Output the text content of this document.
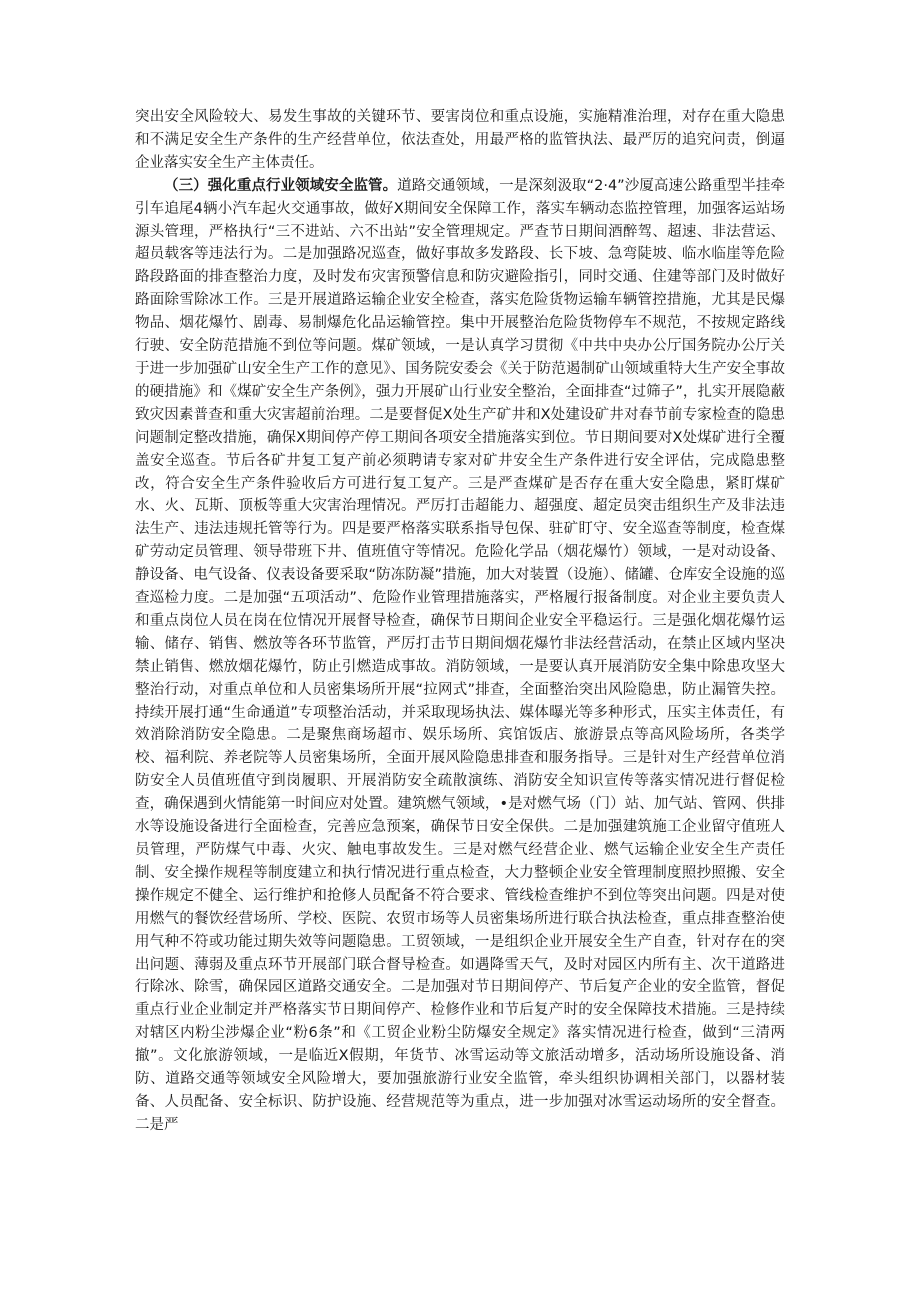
突出安全风险较大、易发生事故的关键环节、要害岗位和重点设施，实施精准治理，对存在重大隐患和不满足安全生产条件的生产经营单位，依法查处，用最严格的监管执法、最严厉的追究问责，倒逼企业落实安全生产主体责任。

（三）强化重点行业领域安全监管。道路交通领域，一是深刻汲取“2·4”沙厦高速公路重型半挂牵引车追尾4辆小汽车起火交通事故，做好X期间安全保障工作，落实车辆动态监控管理，加强客运站场源头管理，严格执行“三不进站、六不出站”安全管理规定。严查节日期间酒醉驾、超速、非法营运、超员载客等违法行为。二是加强路况巡查，做好事故多发路段、长下坡、急弯陡坡、临水临崖等危险路段路面的排查整治力度，及时发布灾害预警信息和防灾避险指引，同时交通、住建等部门及时做好路面除雪除冰工作。三是开展道路运输企业安全检查，落实危险货物运输车辆管控措施，尤其是民爆物品、烟花爆竹、剧毒、易制爆危化品运输管控。集中开展整治危险货物停车不规范，不按规定路线行驶、安全防范措施不到位等问题。煤矿领域，一是认真学习贯彻《中共中央办公厅国务院办公厅关于进一步加强矿山安全生产工作的意见》、国务院安委会《关于防范遏制矿山领域重特大生产安全事故的硬措施》和《煤矿安全生产条例》，强力开展矿山行业安全整治，全面排查“过筛子”，扎实开展隐蔽致灾因素普查和重大灾害超前治理。二是要督促X处生产矿井和X处建设矿井对春节前专家检查的隐患问题制定整改措施，确保X期间停产停工期间各项安全措施落实到位。节日期间要对X处煤矿进行全覆盖安全巡查。节后各矿井复工复产前必须聘请专家对矿井安全生产条件进行安全评估，完成隐患整改，符合安全生产条件验收后方可进行复工复产。三是严查煤矿是否存在重大安全隐患，紧盯煤矿水、火、瓦斯、顶板等重大灾害治理情况。严厉打击超能力、超强度、超定员突击组织生产及非法违法生产、违法违规托管等行为。四是要严格落实联系指导包保、驻矿盯守、安全巡查等制度，检查煤矿劳动定员管理、领导带班下井、值班值守等情况。危险化学品（烟花爆竹）领域，一是对动设备、静设备、电气设备、仪表设备要采取“防冻防凝”措施，加大对装置（设施）、储罐、仓库安全设施的巡查巡检力度。二是加强“五项活动”、危险作业管理措施落实，严格履行报备制度。对企业主要负责人和重点岗位人员在岗在位情况开展督导检查，确保节日期间企业安全平稳运行。三是强化烟花爆竹运输、储存、销售、燃放等各环节监管，严厉打击节日期间烟花爆竹非法经营活动，在禁止区域内坚决禁止销售、燃放烟花爆竹，防止引燃造成事故。消防领域，一是要认真开展消防安全集中除患攻坚大整治行动，对重点单位和人员密集场所开展“拉网式”排查，全面整治突出风险隐患，防止漏管失控。持续开展打通“生命通道”专项整治活动，并采取现场执法、媒体曝光等多种形式，压实主体责任，有效消除消防安全隐患。二是聚焦商场超市、娱乐场所、宾馆饭店、旅游景点等高风险场所，各类学校、福利院、养老院等人员密集场所，全面开展风险隐患排查和服务指导。三是针对生产经营单位消防安全人员值班值守到岗履职、开展消防安全疏散演练、消防安全知识宣传等落实情况进行督促检查，确保遇到火情能第一时间应对处置。建筑燃气领域，•是对燃气场（门）站、加气站、管网、供排水等设施设备进行全面检查，完善应急预案，确保节日安全保供。二是加强建筑施工企业留守值班人员管理，严防煤气中毒、火灾、触电事故发生。三是对燃气经营企业、燃气运输企业安全生产责任制、安全操作规程等制度建立和执行情况进行重点检查，大力整顿企业安全管理制度照抄照搬、安全操作规定不健全、运行维护和抢修人员配备不符合要求、管线检查维护不到位等突出问题。四是对使用燃气的餐饮经营场所、学校、医院、农贸市场等人员密集场所进行联合执法检查，重点排查整治使用气种不符或功能过期失效等问题隐患。工贸领域，一是组织企业开展安全生产自查，针对存在的突出问题、薄弱及重点环节开展部门联合督导检查。如遇降雪天气，及时对园区内所有主、次干道路进行除冰、除雪，确保园区道路交通安全。二是加强对节日期间停产、节后复产企业的安全监管，督促重点行业企业制定并严格落实节日期间停产、检修作业和节后复产时的安全保障技术措施。三是持续对辖区内粉尘涉爆企业“粉6条”和《工贸企业粉尘防爆安全规定》落实情况进行检查，做到“三清两撤”。文化旅游领域，一是临近X假期，年货节、冰雪运动等文旅活动增多，活动场所设施设备、消防、道路交通等领域安全风险增大，要加强旅游行业安全监管，牵头组织协调相关部门，以器材装备、人员配备、安全标识、防护设施、经营规范等为重点，进一步加强对冰雪运动场所的安全督查。二是严
